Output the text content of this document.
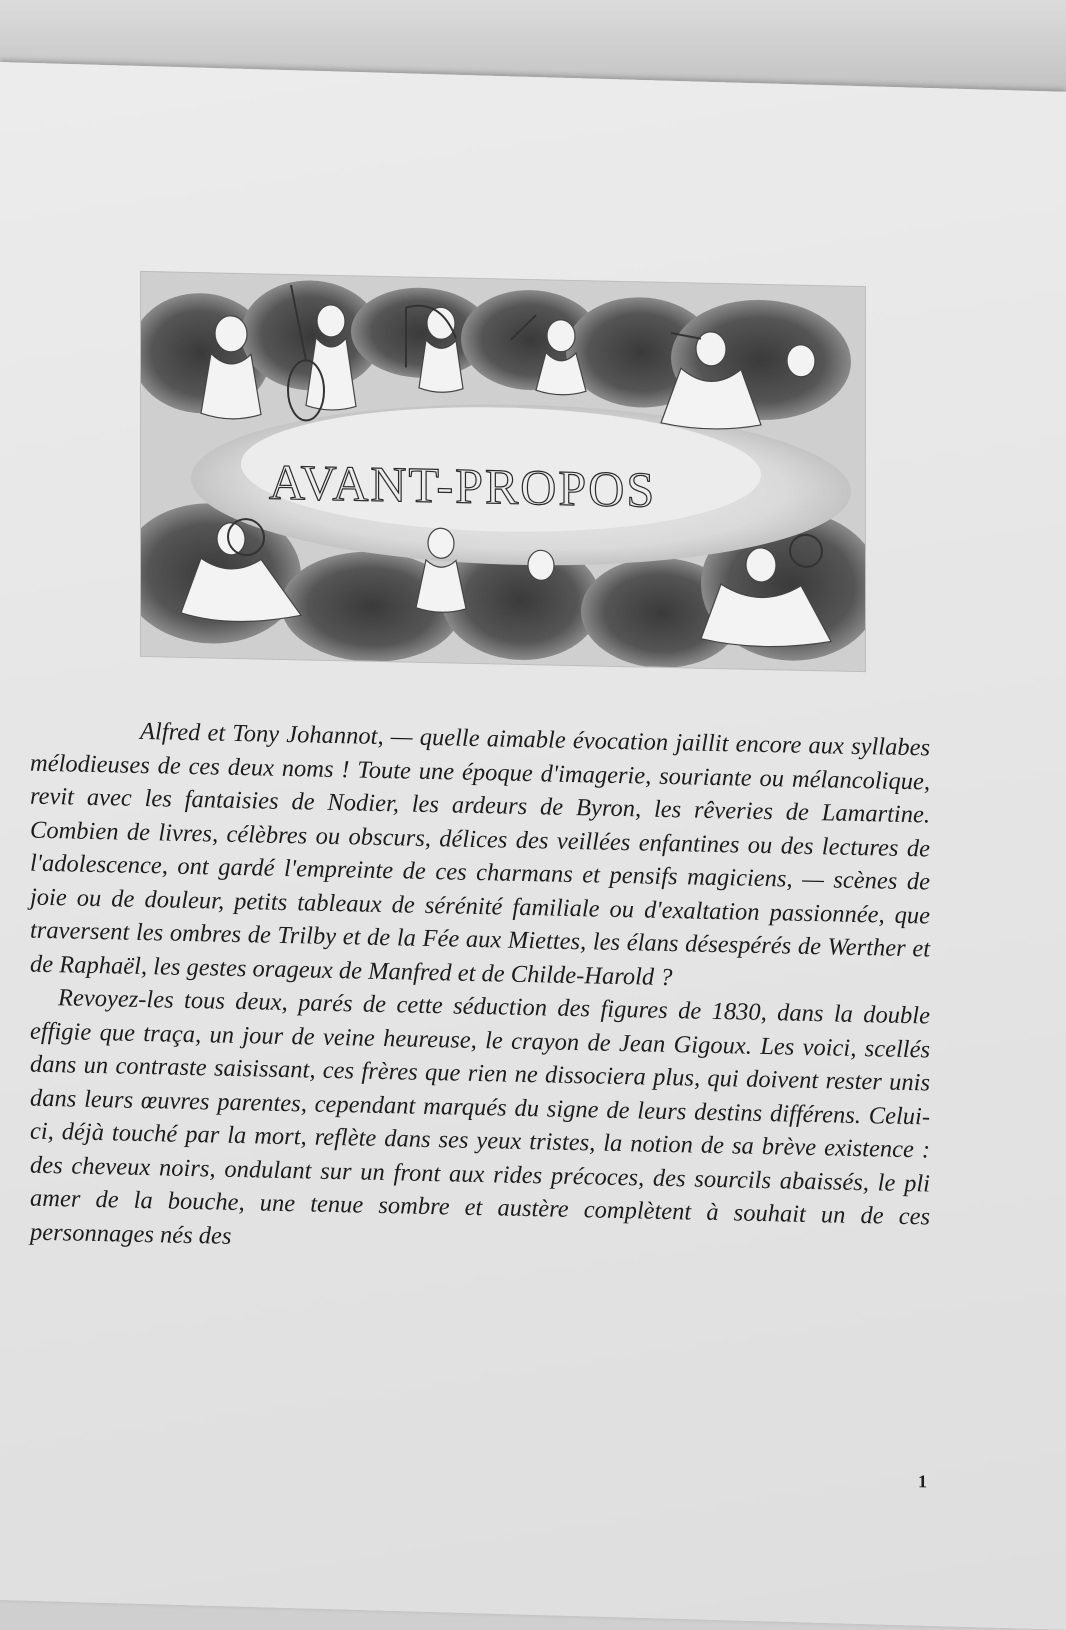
AVANT-PROPOS

Alfred et Tony Johannot, — quelle aimable évocation jaillit encore aux syllabes mélodieuses de ces deux noms ! Toute une époque d'imagerie, souriante ou mélancolique, revit avec les fantaisies de Nodier, les ardeurs de Byron, les rêveries de Lamartine. Combien de livres, célèbres ou obscurs, délices des veillées enfantines ou des lectures de l'adolescence, ont gardé l'empreinte de ces charmans et pensifs magiciens, — scènes de joie ou de douleur, petits tableaux de sérénité familiale ou d'exaltation passionnée, que traversent les ombres de Trilby et de la Fée aux Miettes, les élans désespérés de Werther et de Raphaël, les gestes orageux de Manfred et de Childe-Harold ?

Revoyez-les tous deux, parés de cette séduction des figures de 1830, dans la double effigie que traça, un jour de veine heureuse, le crayon de Jean Gigoux. Les voici, scellés dans un contraste saisissant, ces frères que rien ne dissociera plus, qui doivent rester unis dans leurs œuvres parentes, cependant marqués du signe de leurs destins différens. Celui-ci, déjà touché par la mort, reflète dans ses yeux tristes, la notion de sa brève existence : des cheveux noirs, ondulant sur un front aux rides précoces, des sourcils abaissés, le pli amer de la bouche, une tenue sombre et austère complètent à souhait un de ces personnages nés des

1
